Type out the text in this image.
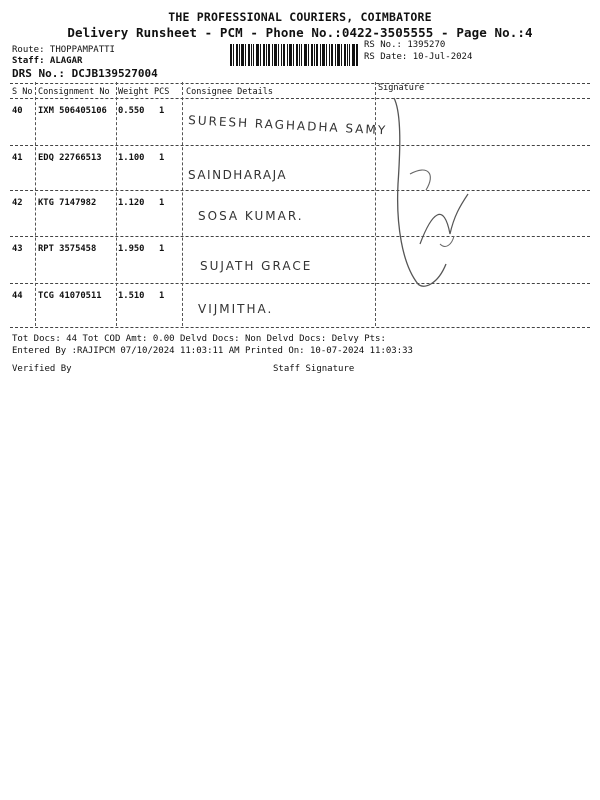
THE PROFESSIONAL COURIERS, COIMBATORE
Delivery Runsheet - PCM - Phone No.:0422-3505555 - Page No.:4
Route: THOPPAMPATTI
Staff: ALAGAR
DRS No.: DCJB139527004
RS No.: 1395270
RS Date: 10-Jul-2024
S No Consignment No Weight PCS Consignee Details	Signature
40 IXM 506405106 0.550 1
SURESH RAGHADHA SAMY
41 EDQ 22766513 1.100 1
SAINDHARAJA
42 KTG 7147982 1.120 1
SOSA KUMAR.
43 RPT 3575458 1.950 1
SUJATH GRACE
44 TCG 41070511 1.510 1
VIJMITHA.
Tot Docs: 44 Tot COD Amt: 0.00 Delvd Docs: Non Delvd Docs: Delvy Pts:
Entered By :RAJIPCM 07/10/2024 11:03:11 AM Printed On: 10-07-2024 11:03:33
Verified By	Staff Signature
